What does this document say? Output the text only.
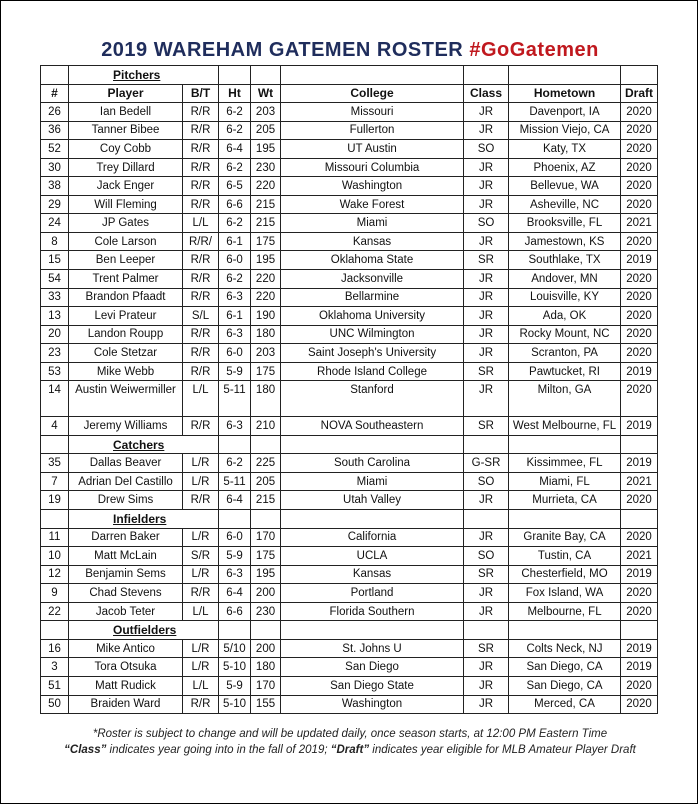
2019 WAREHAM GATEMEN ROSTER #GoGatemen
	Pitchers							
#	Player	B/T	Ht	Wt	College	Class	Hometown	Draft
26	Ian Bedell	R/R	6-2	203	Missouri	JR	Davenport, IA	2020
36	Tanner Bibee	R/R	6-2	205	Fullerton	JR	Mission Viejo, CA	2020
52	Coy Cobb	R/R	6-4	195	UT Austin	SO	Katy, TX	2020
30	Trey Dillard	R/R	6-2	230	Missouri Columbia	JR	Phoenix, AZ	2020
38	Jack Enger	R/R	6-5	220	Washington	JR	Bellevue, WA	2020
29	Will Fleming	R/R	6-6	215	Wake Forest	JR	Asheville, NC	2020
24	JP Gates	L/L	6-2	215	Miami	SO	Brooksville, FL	2021
8	Cole Larson	R/R/	6-1	175	Kansas	JR	Jamestown, KS	2020
15	Ben Leeper	R/R	6-0	195	Oklahoma State	SR	Southlake, TX	2019
54	Trent Palmer	R/R	6-2	220	Jacksonville	JR	Andover, MN	2020
33	Brandon Pfaadt	R/R	6-3	220	Bellarmine	JR	Louisville, KY	2020
13	Levi Prateur	S/L	6-1	190	Oklahoma University	JR	Ada, OK	2020
20	Landon Roupp	R/R	6-3	180	UNC Wilmington	JR	Rocky Mount, NC	2020
23	Cole Stetzar	R/R	6-0	203	Saint Joseph's University	JR	Scranton, PA	2020
53	Mike Webb	R/R	5-9	175	Rhode Island College	SR	Pawtucket, RI	2019
14	Austin Weiwermiller	L/L	5-11	180	Stanford	JR	Milton, GA	2020
4	Jeremy Williams	R/R	6-3	210	NOVA Southeastern	SR	West Melbourne, FL	2019
	Catchers							
35	Dallas Beaver	L/R	6-2	225	South Carolina	G-SR	Kissimmee, FL	2019
7	Adrian Del Castillo	L/R	5-11	205	Miami	SO	Miami, FL	2021
19	Drew Sims	R/R	6-4	215	Utah Valley	JR	Murrieta, CA	2020
	Infielders							
11	Darren Baker	L/R	6-0	170	California	JR	Granite Bay, CA	2020
10	Matt McLain	S/R	5-9	175	UCLA	SO	Tustin, CA	2021
12	Benjamin Sems	L/R	6-3	195	Kansas	SR	Chesterfield, MO	2019
9	Chad Stevens	R/R	6-4	200	Portland	JR	Fox Island, WA	2020
22	Jacob Teter	L/L	6-6	230	Florida Southern	JR	Melbourne, FL	2020
	Outfielders							
16	Mike Antico	L/R	5/10	200	St. Johns U	SR	Colts Neck, NJ	2019
3	Tora Otsuka	L/R	5-10	180	San Diego	JR	San Diego, CA	2019
51	Matt Rudick	L/L	5-9	170	San Diego State	JR	San Diego, CA	2020
50	Braiden Ward	R/R	5-10	155	Washington	JR	Merced, CA	2020
*Roster is subject to change and will be updated daily, once season starts, at 12:00 PM Eastern Time
“Class” indicates year going into in the fall of 2019; “Draft” indicates year eligible for MLB Amateur Player Draft
